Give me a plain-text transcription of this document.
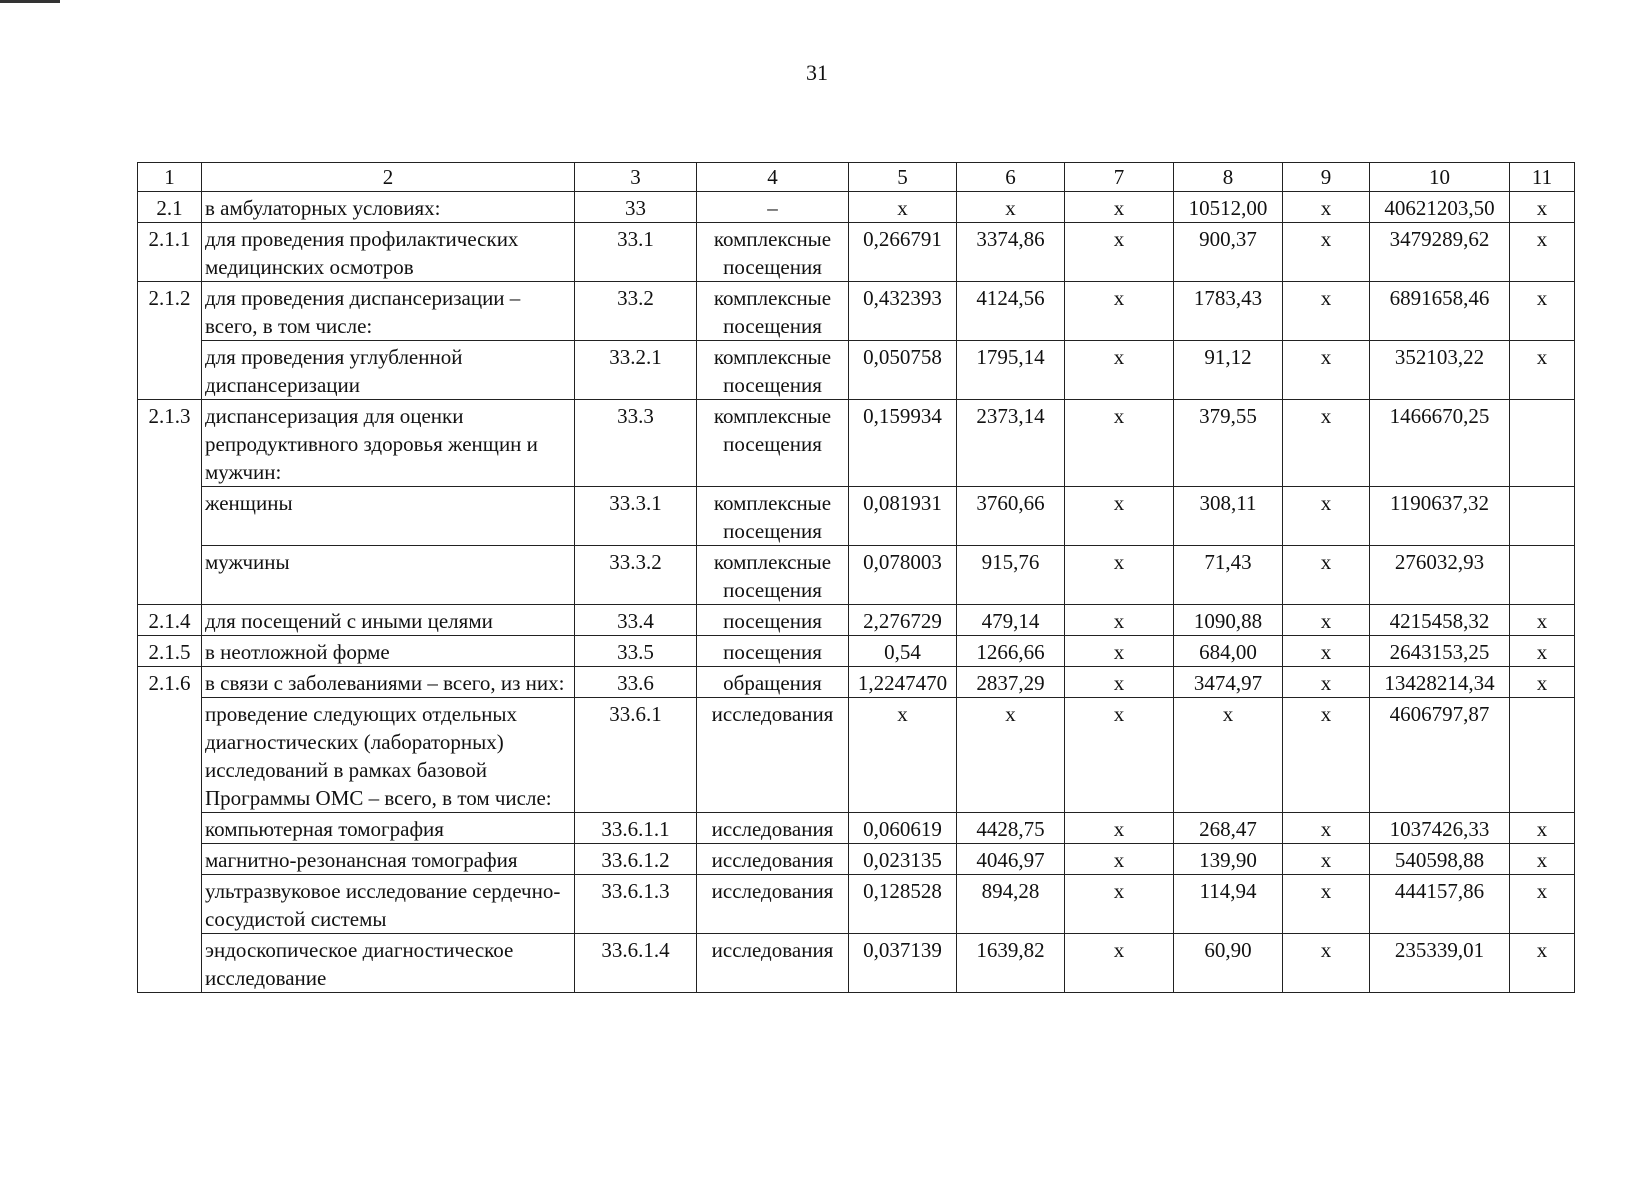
31
1	2	3	4	5	6	7	8	9	10	11
2.1	в амбулаторных условиях:	33	–	х	х	х	10512,00	х	40621203,50	х
2.1.1	для проведения профилактических медицинских осмотров	33.1	комплексные посещения	0,266791	3374,86	х	900,37	х	3479289,62	х
2.1.2	для проведения диспансеризации – всего, в том числе:	33.2	комплексные посещения	0,432393	4124,56	х	1783,43	х	6891658,46	х
	для проведения углубленной диспансеризации	33.2.1	комплексные посещения	0,050758	1795,14	х	91,12	х	352103,22	х
2.1.3	диспансеризация для оценки репродуктивного здоровья женщин и мужчин:	33.3	комплексные посещения	0,159934	2373,14	х	379,55	х	1466670,25	
	женщины	33.3.1	комплексные посещения	0,081931	3760,66	х	308,11	х	1190637,32	
	мужчины	33.3.2	комплексные посещения	0,078003	915,76	х	71,43	х	276032,93	
2.1.4	для посещений с иными целями	33.4	посещения	2,276729	479,14	х	1090,88	х	4215458,32	х
2.1.5	в неотложной форме	33.5	посещения	0,54	1266,66	х	684,00	х	2643153,25	х
2.1.6	в связи с заболеваниями – всего, из них:	33.6	обращения	1,2247470	2837,29	х	3474,97	х	13428214,34	х
	проведение следующих отдельных диагностических (лабораторных) исследований в рамках базовой Программы ОМС – всего, в том числе:	33.6.1	исследования	х	х	х	х	х	4606797,87	
	компьютерная томография	33.6.1.1	исследования	0,060619	4428,75	х	268,47	х	1037426,33	х
	магнитно-резонансная томография	33.6.1.2	исследования	0,023135	4046,97	х	139,90	х	540598,88	х
	ультразвуковое исследование сердечно-сосудистой системы	33.6.1.3	исследования	0,128528	894,28	х	114,94	х	444157,86	х
	эндоскопическое диагностическое исследование	33.6.1.4	исследования	0,037139	1639,82	х	60,90	х	235339,01	х
